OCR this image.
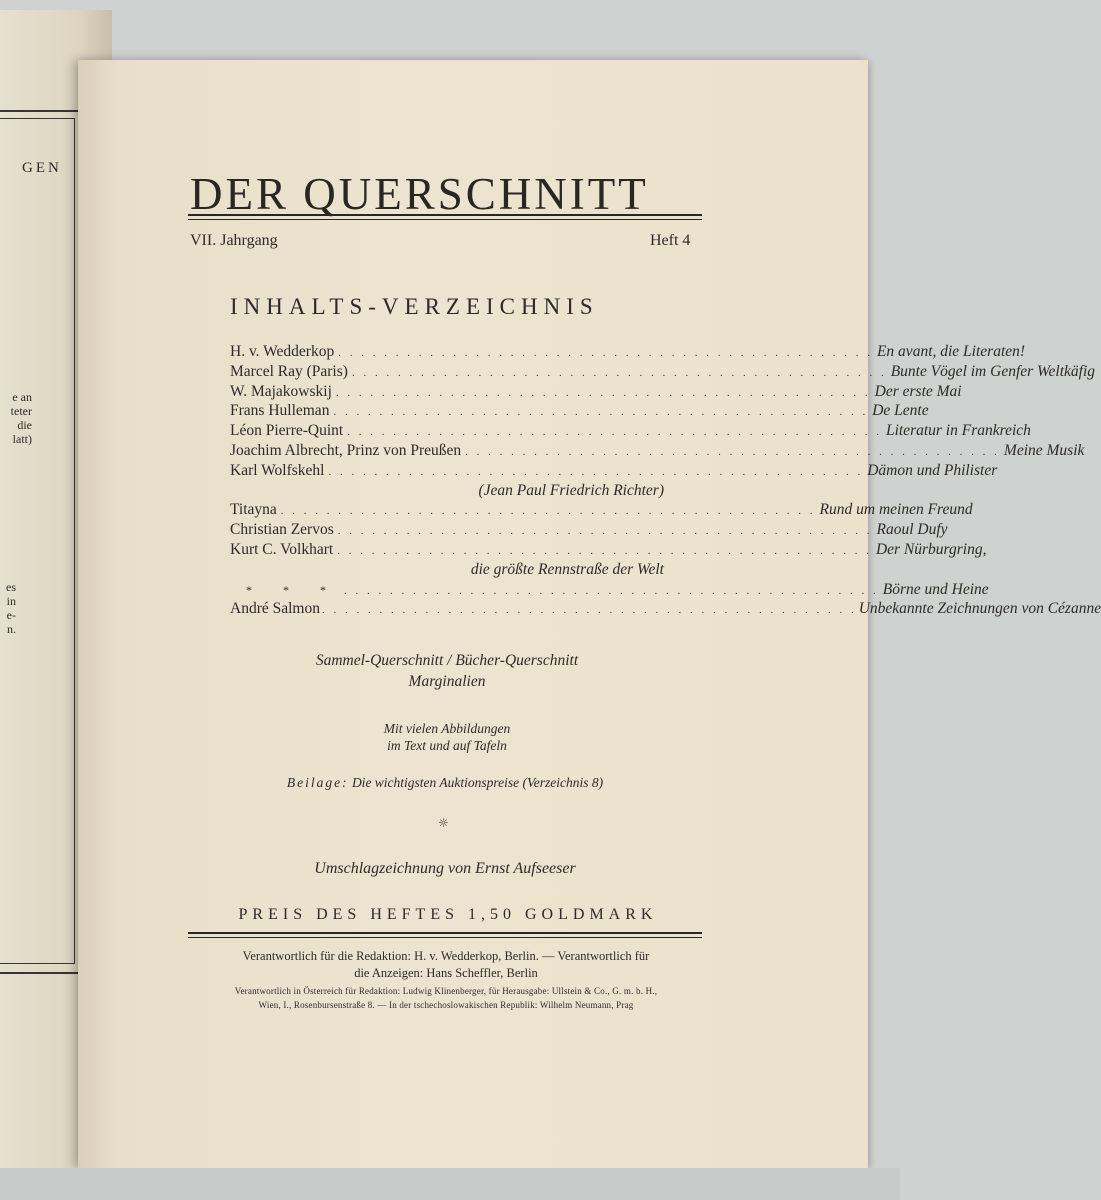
GEN
e an
teter
die
latt)
es
in
e-
n.
DER QUERSCHNITT
VII. Jahrgang	Heft 4
INHALTS-VERZEICHNIS
H. v. Wedderkop . . . . . . . . . . . . . . . . . . . . . . . . . . . . . . . . . . . . . . . . . . . . . . . En avant, die Literaten!
Marcel Ray (Paris) . . . . . . . . . . . . . . . . . . . . . . . . . . . . . . . . . . . . . . . . . . . . . . . Bunte Vögel im Genfer Weltkäfig
W. Majakowskij . . . . . . . . . . . . . . . . . . . . . . . . . . . . . . . . . . . . . . . . . . . . . . . Der erste Mai
Frans Hulleman . . . . . . . . . . . . . . . . . . . . . . . . . . . . . . . . . . . . . . . . . . . . . . . De Lente
Léon Pierre-Quint . . . . . . . . . . . . . . . . . . . . . . . . . . . . . . . . . . . . . . . . . . . . . . . Literatur in Frankreich
Joachim Albrecht, Prinz von Preußen . . . . . . . . . . . . . . . . . . . . . . . . . . . . . . . . . . . . . . . . . . . . . . . Meine Musik
Karl Wolfskehl . . . . . . . . . . . . . . . . . . . . . . . . . . . . . . . . . . . . . . . . . . . . . . . Dämon und Philister
(Jean Paul Friedrich Richter)
Titayna . . . . . . . . . . . . . . . . . . . . . . . . . . . . . . . . . . . . . . . . . . . . . . . Rund um meinen Freund
Christian Zervos . . . . . . . . . . . . . . . . . . . . . . . . . . . . . . . . . . . . . . . . . . . . . . . Raoul Dufy
Kurt C. Volkhart . . . . . . . . . . . . . . . . . . . . . . . . . . . . . . . . . . . . . . . . . . . . . . . Der Nürburgring,
die größte Rennstraße der Welt
* * * . . . . . . . . . . . . . . . . . . . . . . . . . . . . . . . . . . . . . . . . . . . . . . . Börne und Heine
André Salmon . . . . . . . . . . . . . . . . . . . . . . . . . . . . . . . . . . . . . . . . . . . . . . . Unbekannte Zeichnungen von Cézanne
Sammel-Querschnitt / Bücher-Querschnitt
Marginalien
Mit vielen Abbildungen
im Text und auf Tafeln
Beilage: Die wichtigsten Auktionspreise (Verzeichnis 8)
☼
Umschlagzeichnung von Ernst Aufseeser
PREIS DES HEFTES 1,50 GOLDMARK
Verantwortlich für die Redaktion: H. v. Wedderkop, Berlin. — Verantwortlich für
die Anzeigen: Hans Scheffler, Berlin
Verantwortlich in Österreich für Redaktion: Ludwig Klinenberger, für Herausgabe: Ullstein & Co., G. m. b. H.,
Wien, I., Rosenbursenstraße 8. — In der tschechoslowakischen Republik: Wilhelm Neumann, Prag
